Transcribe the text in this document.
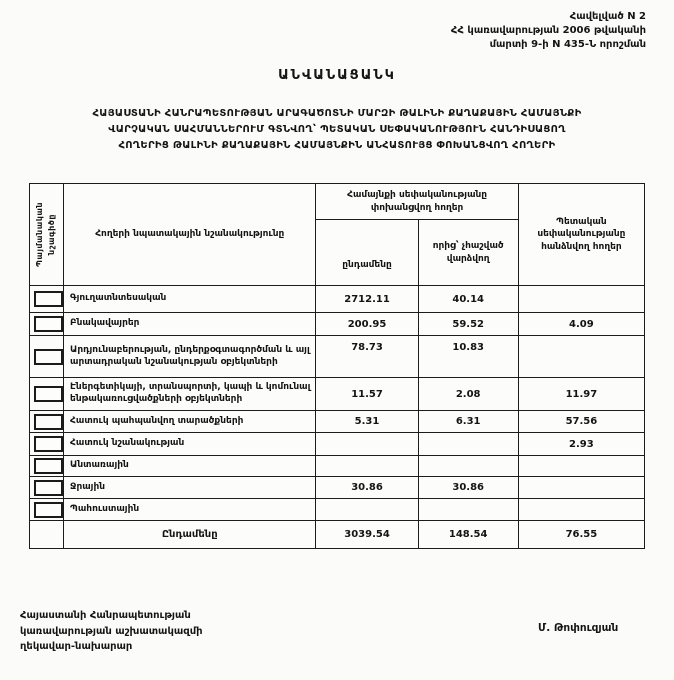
Հավելված N 2
ՀՀ կառավարության 2006 թվականի
մարտի 9-ի N 435-Ն որոշման
ԱՆՎԱՆԱՑԱՆԿ
ՀԱՅԱՍՏԱՆԻ ՀԱՆՐԱՊԵՏՈՒԹՅԱՆ ԱՐԱԳԱԾՈՏՆԻ ՄԱՐԶԻ ԹԱԼԻՆԻ ՔԱՂԱՔԱՅԻՆ ՀԱՄԱՅՆՔԻ
ՎԱՐՉԱԿԱՆ ՍԱՀՄԱՆՆԵՐՈՒՄ ԳՏՆՎՈՂ՝ ՊԵՏԱԿԱՆ ՍԵՓԱԿԱՆՈՒԹՅՈՒՆ ՀԱՆԴԻՍԱՑՈՂ
ՀՈՂԵՐԻՑ ԹԱԼԻՆԻ ՔԱՂԱՔԱՅԻՆ ՀԱՄԱՅՆՔԻՆ ԱՆՀԱՏՈՒՅՑ ՓՈԽԱՆՑՎՈՂ ՀՈՂԵՐԻ
Պայմանական նշագիծը	Հողերի նպատակային նշանակությունը	Համայնքի սեփականությանը փոխանցվող հողեր		Պետական սեփականությանը հանձնվող հողեր
		ընդամենը	որից՝ չհաշված վարձվող	

	Գյուղատնտեսական	2712.11	40.14	

	Բնակավայրեր	200.95	59.52	4.09

	Արդյունաբերության, ընդերքօգտագործման և այլ արտադրական նշանակության օբյեկտների	78.73	10.83	

	Էներգետիկայի, տրանսպորտի, կապի և կոմունալ ենթակառուցվածքների օբյեկտների	11.57	2.08	11.97

	Հատուկ պահպանվող տարածքների	5.31	6.31	57.56

	Հատուկ նշանակության			2.93

	Անտառային			

	Ջրային	30.86	30.86	

	Պահուստային			
	Ընդամենը	3039.54	148.54	76.55
Հայաստանի Հանրապետության
կառավարության աշխատակազմի
ղեկավար-նախարար
Մ. Թոփուզյան
